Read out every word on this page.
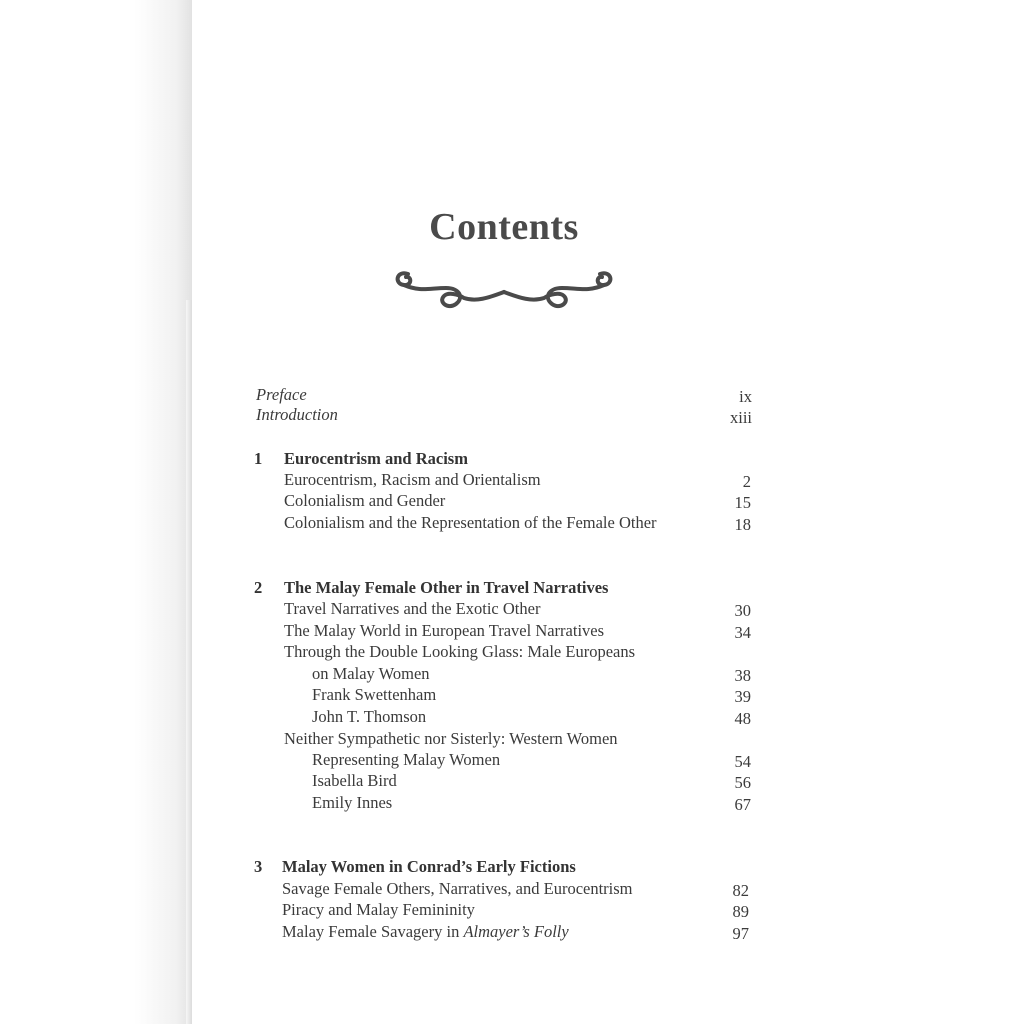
Contents
Preface	ix
Introduction	xiii
1 Eurocentrism and Racism
Eurocentrism, Racism and Orientalism	2
Colonialism and Gender	15
Colonialism and the Representation of the Female Other	18
2 The Malay Female Other in Travel Narratives
Travel Narratives and the Exotic Other	30
The Malay World in European Travel Narratives	34
Through the Double Looking Glass: Male Europeans
on Malay Women	38
Frank Swettenham	39
John T. Thomson	48
Neither Sympathetic nor Sisterly: Western Women
Representing Malay Women	54
Isabella Bird	56
Emily Innes	67
3 Malay Women in Conrad’s Early Fictions
Savage Female Others, Narratives, and Eurocentrism	82
Piracy and Malay Femininity	89
Malay Female Savagery in Almayer’s Folly	97
